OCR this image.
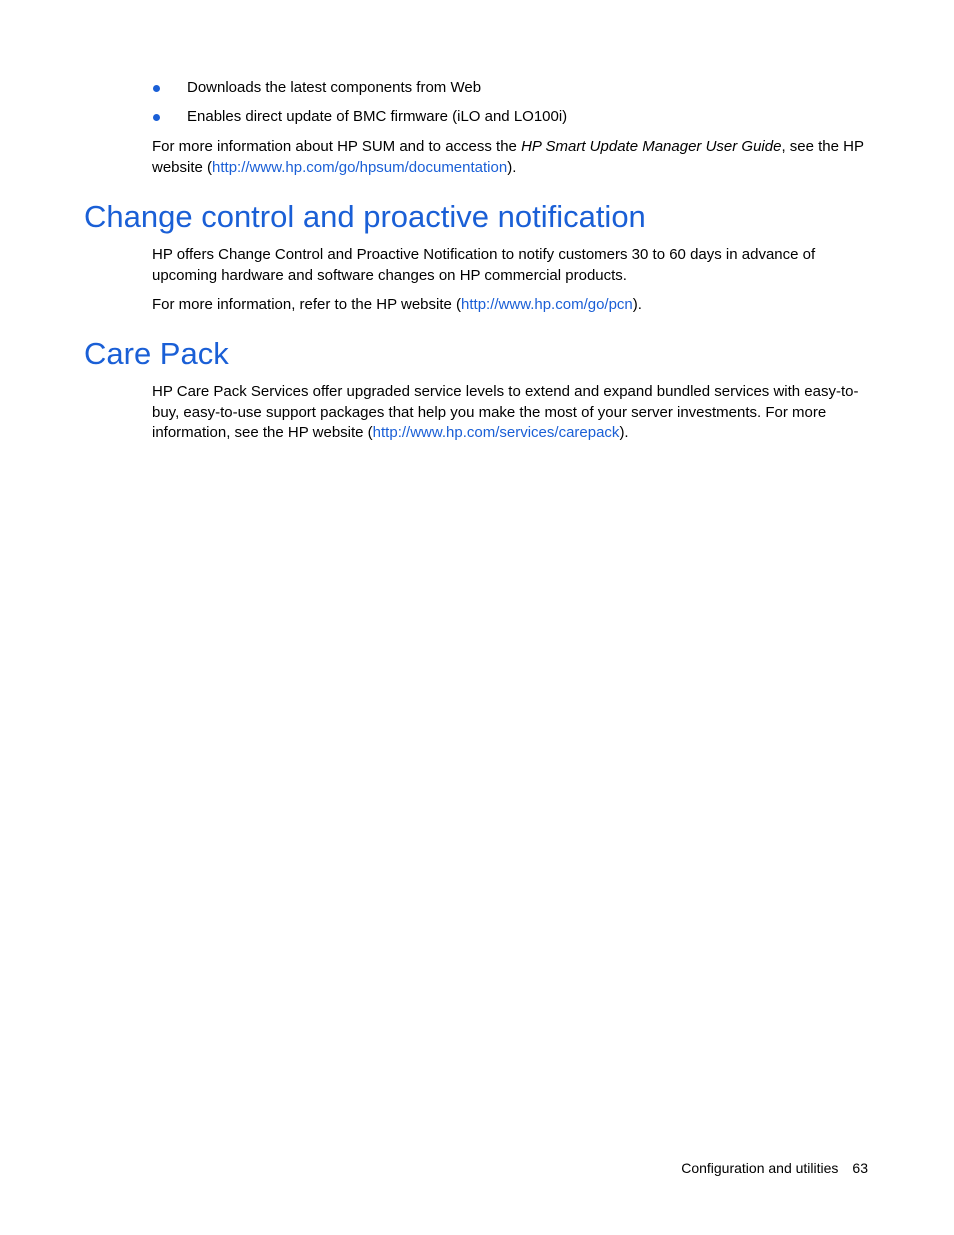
Downloads the latest components from Web
Enables direct update of BMC firmware (iLO and LO100i)

For more information about HP SUM and to access the HP Smart Update Manager User Guide, see the HP website (http://www.hp.com/go/hpsum/documentation).

Change control and proactive notification

HP offers Change Control and Proactive Notification to notify customers 30 to 60 days in advance of upcoming hardware and software changes on HP commercial products.

For more information, refer to the HP website (http://www.hp.com/go/pcn).

Care Pack

HP Care Pack Services offer upgraded service levels to extend and expand bundled services with easy-to-buy, easy-to-use support packages that help you make the most of your server investments. For more information, see the HP website (http://www.hp.com/services/carepack).

Configuration and utilities 63
